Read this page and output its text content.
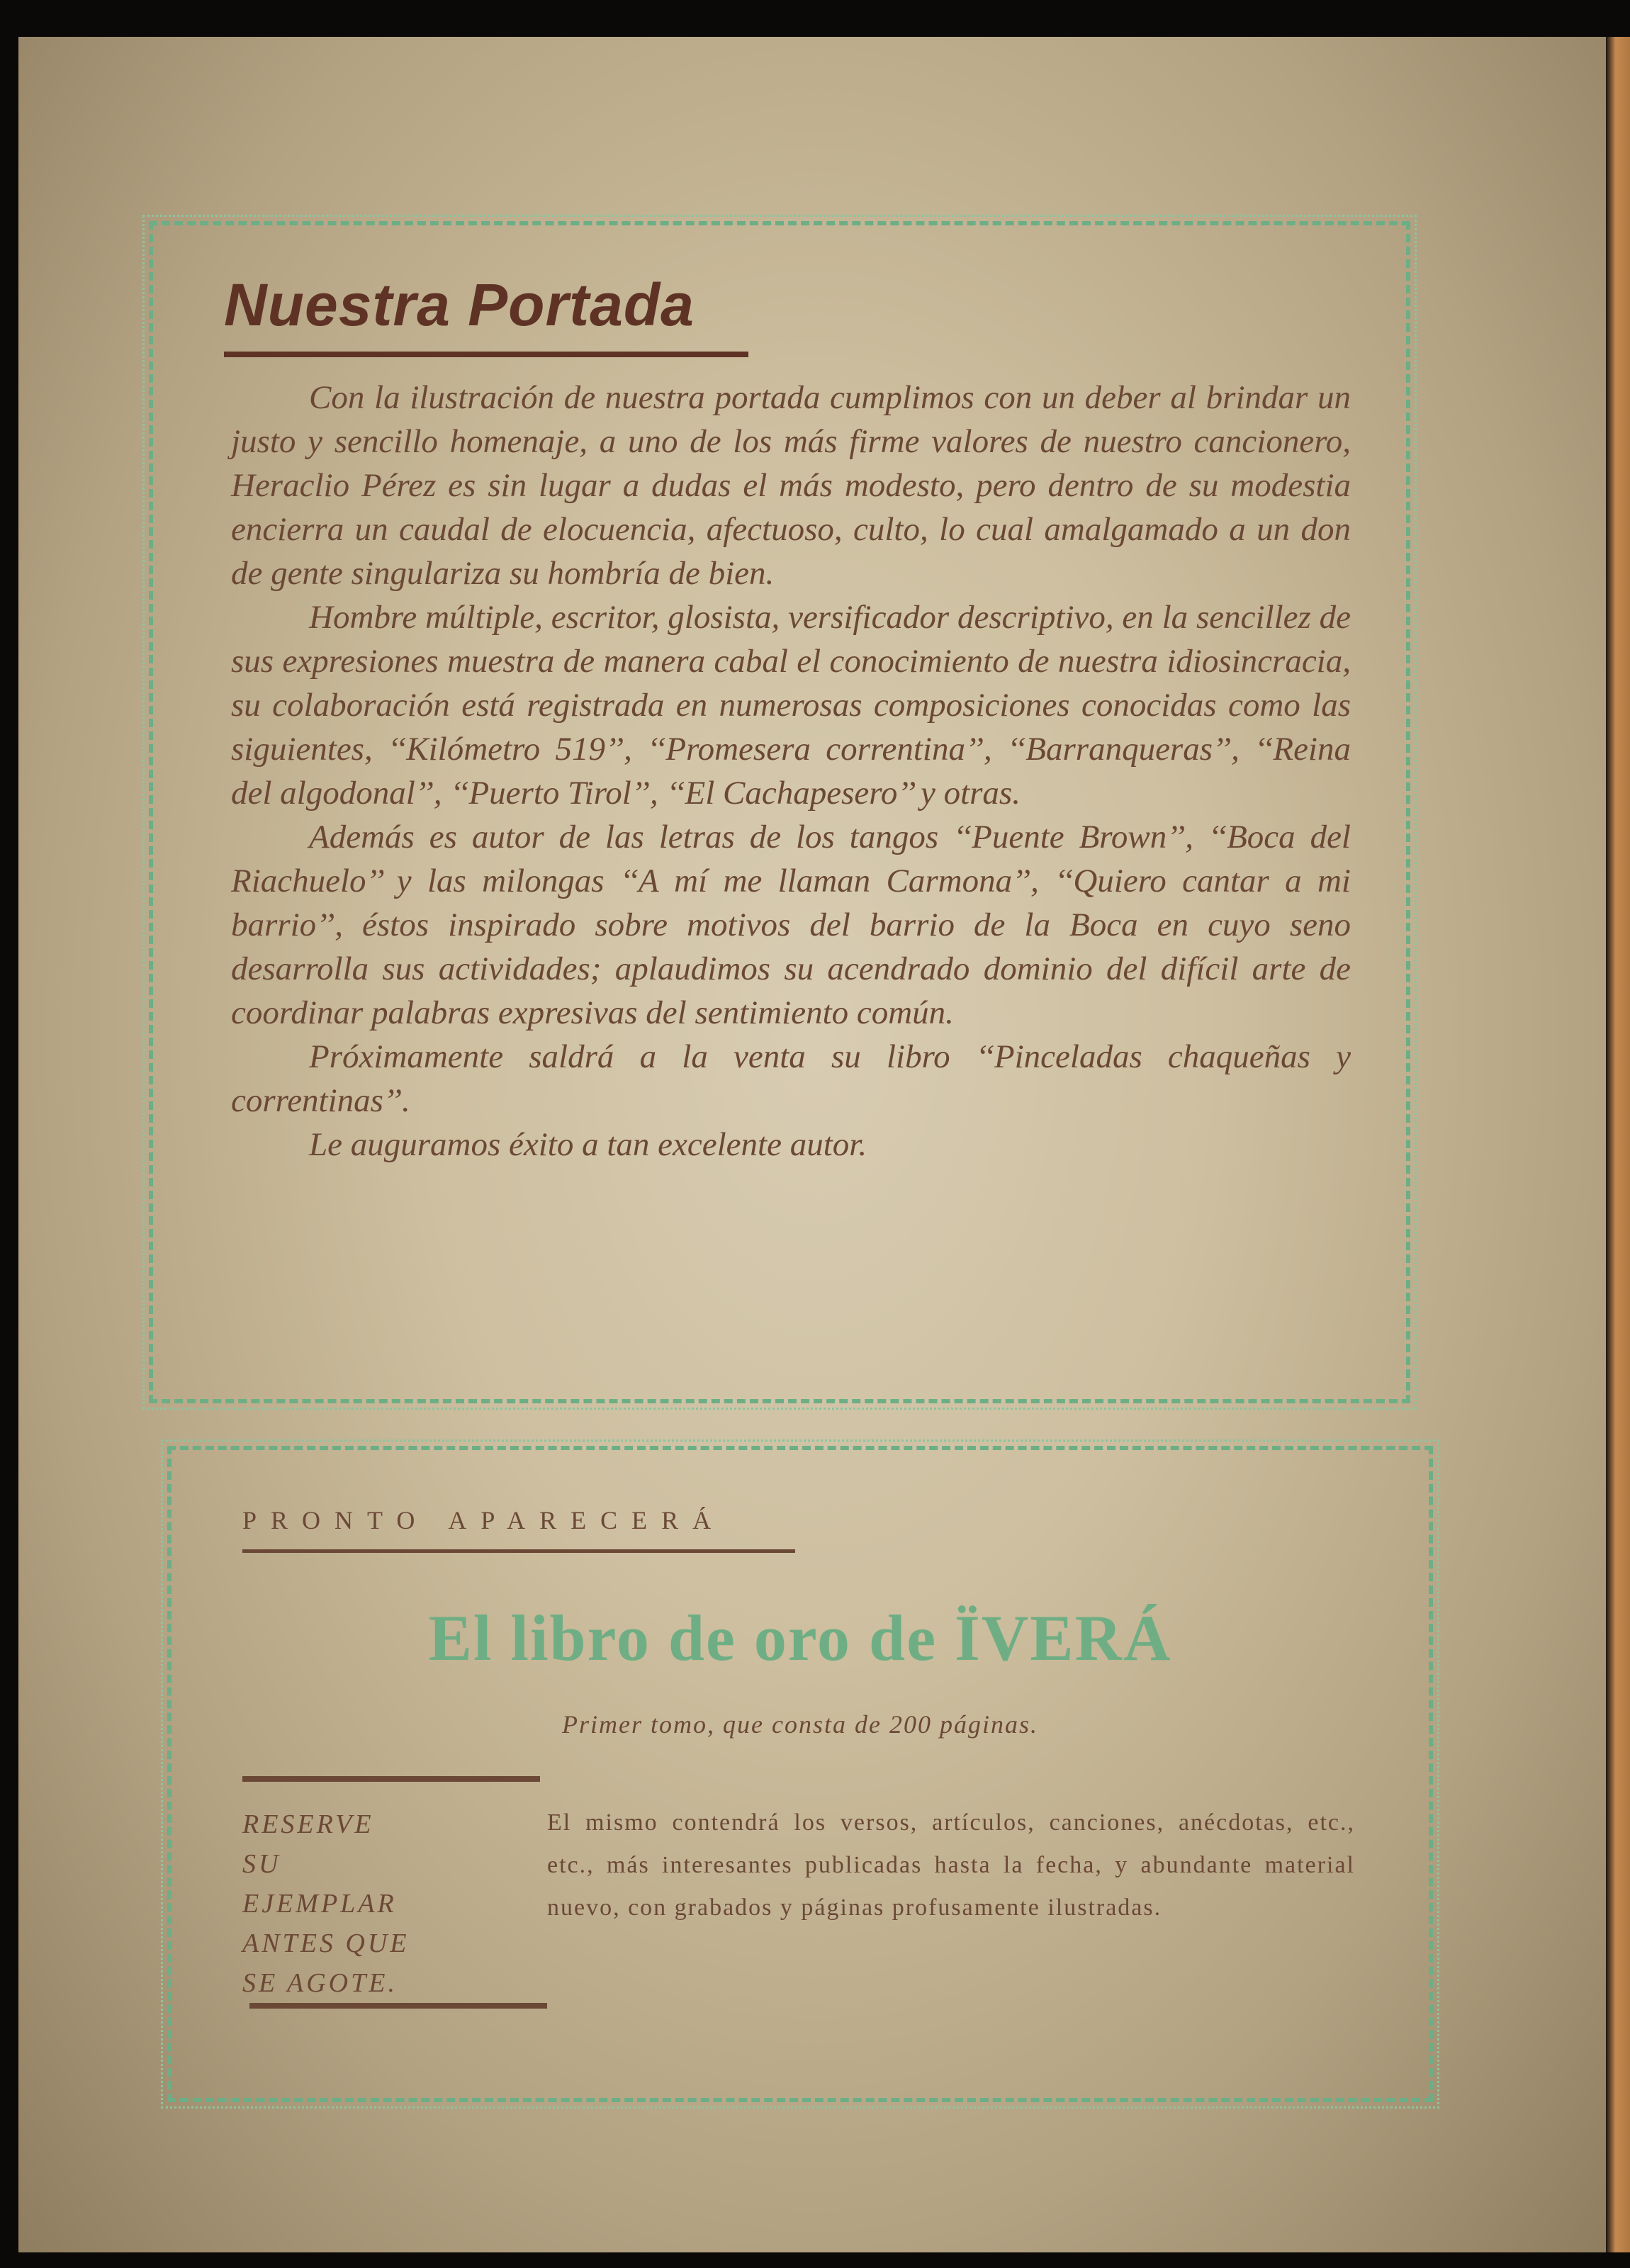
Nuestra Portada

Con la ilustración de nuestra portada cumplimos con un deber al brindar un justo y sencillo homenaje, a uno de los más firme valores de nuestro cancionero, Heraclio Pérez es sin lugar a dudas el más modesto, pero dentro de su modestia encierra un caudal de elocuencia, afectuoso, culto, lo cual amalgamado a un don de gente singulariza su hombría de bien.

Hombre múltiple, escritor, glosista, versificador descriptivo, en la sencillez de sus expresiones muestra de manera cabal el conocimiento de nuestra idiosincracia, su colaboración está registrada en numerosas composiciones conocidas como las siguientes, ‘‘Kilómetro 519’’, ‘‘Promesera correntina’’, ‘‘Barranqueras’’, ‘‘Reina del algodonal’’, ‘‘Puerto Tirol’’, ‘‘El Cachapesero’’ y otras.

Además es autor de las letras de los tangos ‘‘Puente Brown’’, ‘‘Boca del Riachuelo’’ y las milongas ‘‘A mí me llaman Carmona’’, ‘‘Quiero cantar a mi barrio’’, éstos inspirado sobre motivos del barrio de la Boca en cuyo seno desarrolla sus actividades; aplaudimos su acendrado dominio del difícil arte de coordinar palabras expresivas del sentimiento común.

Próximamente saldrá a la venta su libro ‘‘Pinceladas chaqueñas y correntinas’’.

Le auguramos éxito a tan excelente autor.

PRONTO APARECERÁ
El libro de oro de ÏVERÁ
Primer tomo, que consta de 200 páginas.
RESERVE
SU
EJEMPLAR
ANTES QUE
SE AGOTE.
El mismo contendrá los versos, artículos, canciones, anécdotas, etc., etc., más interesantes publicadas hasta la fecha, y abundante material nuevo, con grabados y páginas profusamente ilustradas.
